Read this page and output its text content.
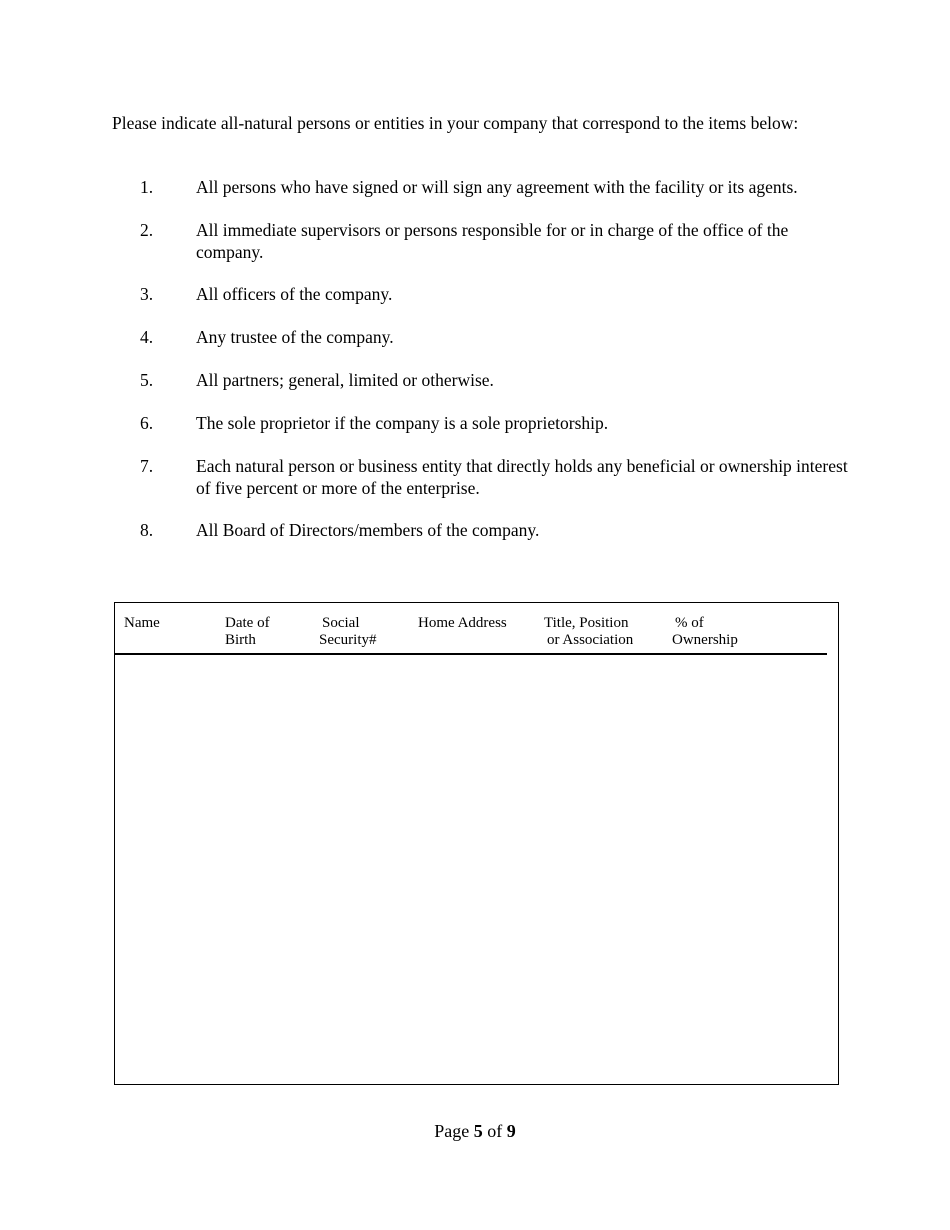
Please indicate all-natural persons or entities in your company that correspond to the items below:
1. All persons who have signed or will sign any agreement with the facility or its agents.
2. All immediate supervisors or persons responsible for or in charge of the office of the company.
3. All officers of the company.
4. Any trustee of the company.
5. All partners; general, limited or otherwise.
6. The sole proprietor if the company is a sole proprietorship.
7. Each natural person or business entity that directly holds any beneficial or ownership interest of five percent or more of the enterprise.
8. All Board of Directors/members of the company.
Name	Date of
Birth
Social
Security#
Home Address Title, Position
or Association
% of
Ownership
Page 5 of 9
